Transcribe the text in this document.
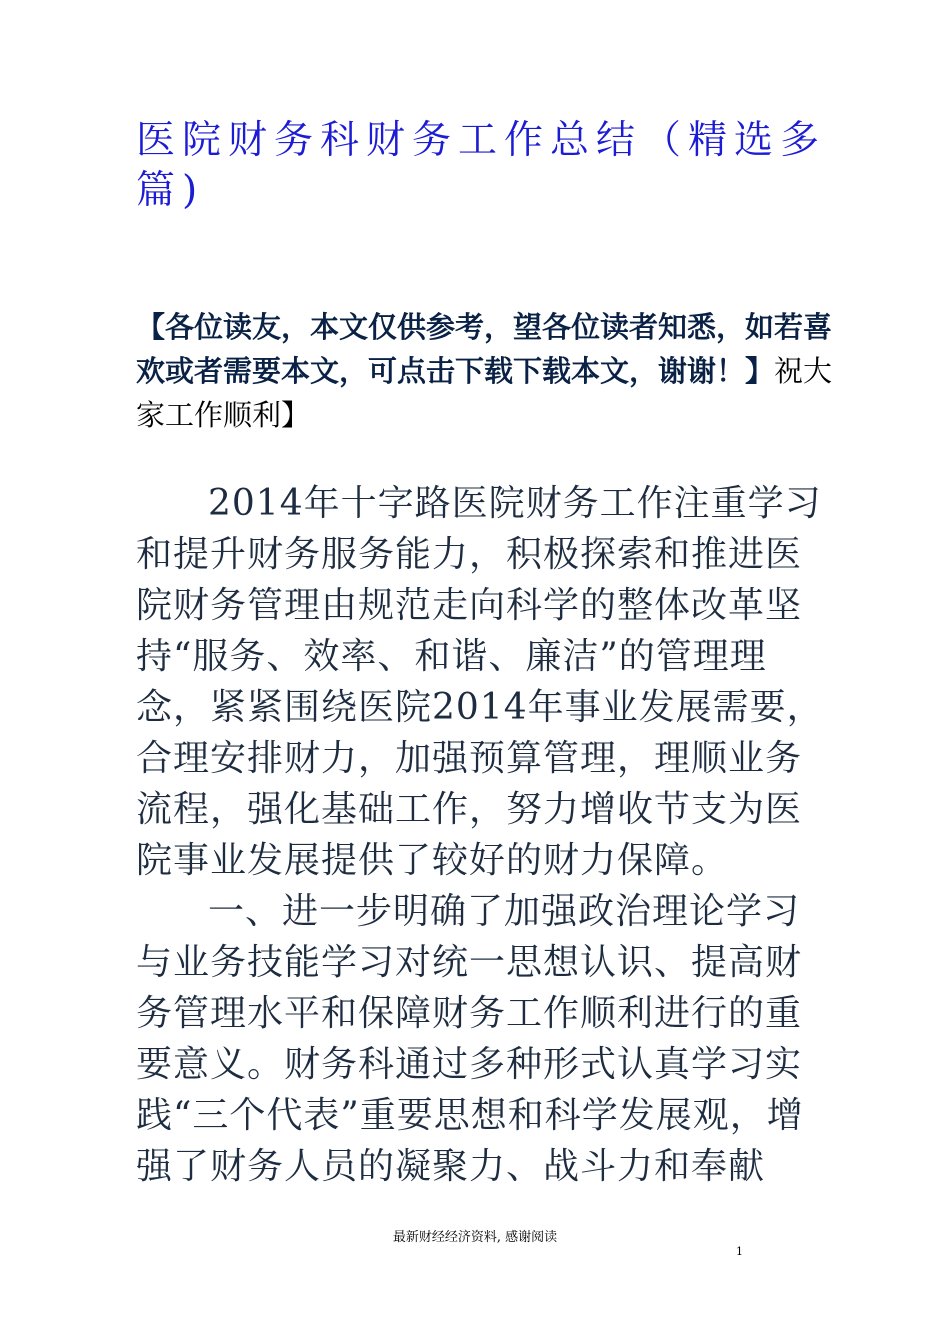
医院财务科财务工作总结（精选多篇)
【各位读友，本文仅供参考，望各位读者知悉，如若喜欢或者需要本文，可点击下载下载本文，谢谢！】祝大家工作顺利】

2014年十字路医院财务工作注重学习和提升财务服务能力，积极探索和推进医院财务管理由规范走向科学的整体改革坚持“服务、效率、和谐、廉洁”的管理理念，紧紧围绕医院2014年事业发展需要，合理安排财力，加强预算管理，理顺业务流程，强化基础工作，努力增收节支为医院事业发展提供了较好的财力保障。

一、进一步明确了加强政治理论学习与业务技能学习对统一思想认识、提高财务管理水平和保障财务工作顺利进行的重要意义。财务科通过多种形式认真学习实践“三个代表”重要思想和科学发展观，增强了财务人员的凝聚力、战斗力和奉献

最新财经经济资料, 感谢阅读
1
